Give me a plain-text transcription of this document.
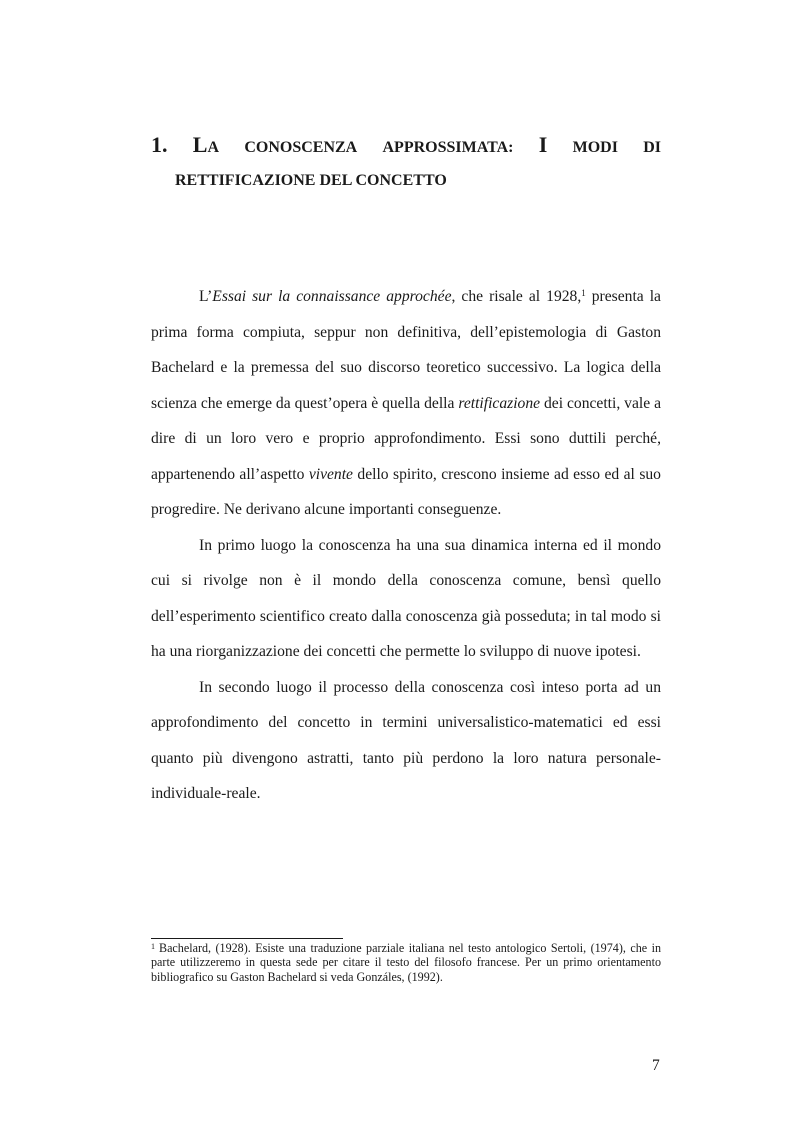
1. LA CONOSCENZA APPROSSIMATA: I MODI DI
RETTIFICAZIONE DEL CONCETTO

L’Essai sur la connaissance approchée, che risale al 1928,$^1$ presenta la prima forma compiuta, seppur non definitiva, dell’epistemologia di Gaston Bachelard e la premessa del suo discorso teoretico successivo. La logica della scienza che emerge da quest’opera è quella della rettificazione dei concetti, vale a dire di un loro vero e proprio approfondimento. Essi sono duttili perché, appartenendo all’aspetto vivente dello spirito, crescono insieme ad esso ed al suo progredire. Ne derivano alcune importanti conseguenze.

In primo luogo la conoscenza ha una sua dinamica interna ed il mondo cui si rivolge non è il mondo della conoscenza comune, bensì quello dell’esperimento scientifico creato dalla conoscenza già posseduta; in tal modo si ha una riorganizzazione dei concetti che permette lo sviluppo di nuove ipotesi.

In secondo luogo il processo della conoscenza così inteso porta ad un approfondimento del concetto in termini universalistico-matematici ed essi quanto più divengono astratti, tanto più perdono la loro natura personale-individuale-reale.

$^1$ Bachelard, (1928). Esiste una traduzione parziale italiana nel testo antologico Sertoli, (1974), che in parte utilizzeremo in questa sede per citare il testo del filosofo francese. Per un primo orientamento bibliografico su Gaston Bachelard si veda Gonzáles, (1992).
7
